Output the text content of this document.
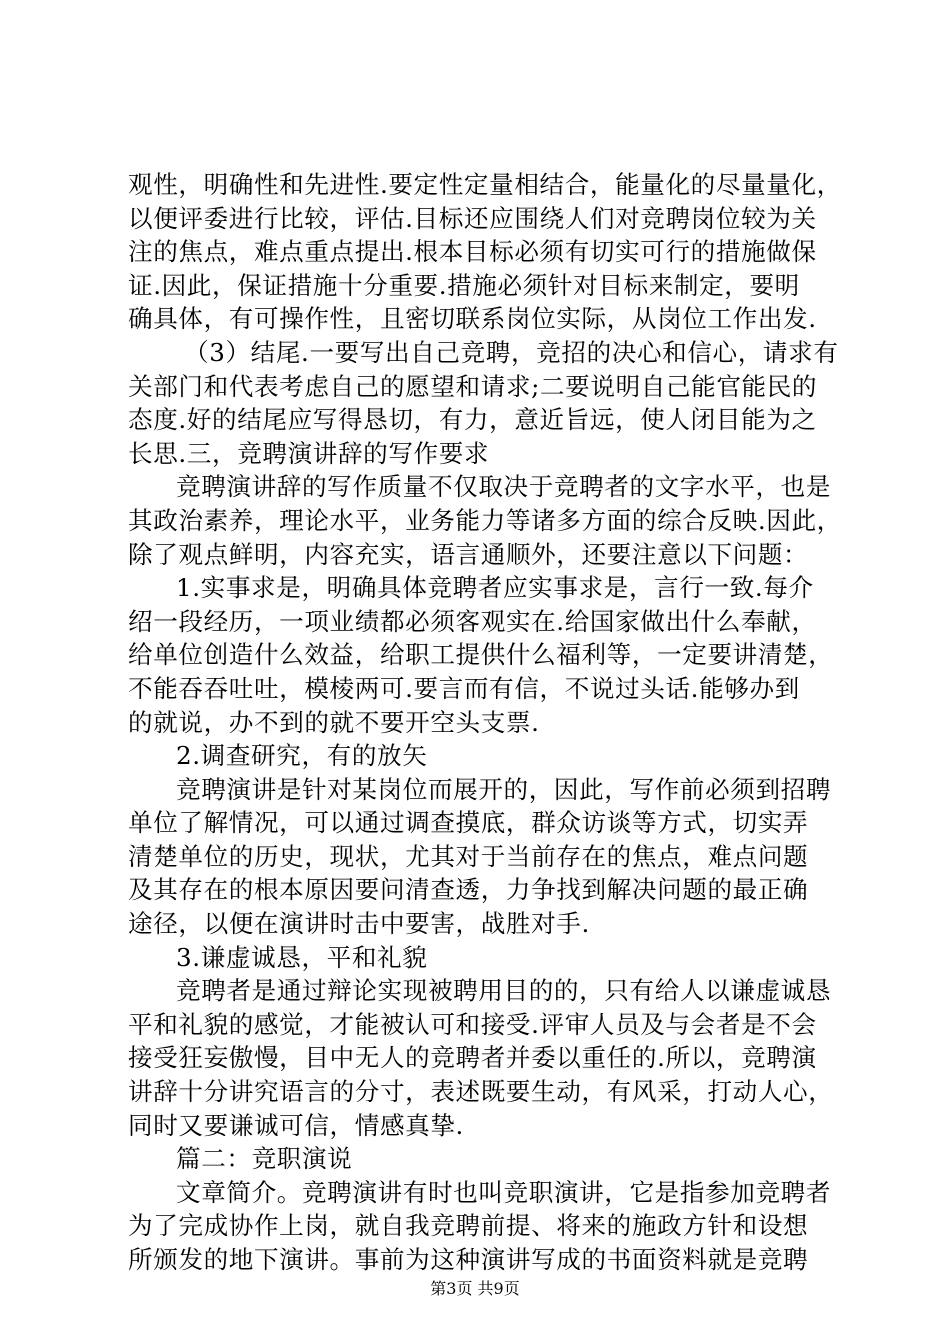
观性，明确性和先进性.要定性定量相结合，能量化的尽量量化，
以便评委进行比较，评估.目标还应围绕人们对竞聘岗位较为关
注的焦点，难点重点提出.根本目标必须有切实可行的措施做保
证.因此，保证措施十分重要.措施必须针对目标来制定，要明
确具体，有可操作性，且密切联系岗位实际，从岗位工作出发.
（3）结尾.一要写出自己竞聘，竞招的决心和信心，请求有
关部门和代表考虑自己的愿望和请求;二要说明自己能官能民的
态度.好的结尾应写得恳切，有力，意近旨远，使人闭目能为之
长思.三，竞聘演讲辞的写作要求
竞聘演讲辞的写作质量不仅取决于竞聘者的文字水平，也是
其政治素养，理论水平，业务能力等诸多方面的综合反映.因此，
除了观点鲜明，内容充实，语言通顺外，还要注意以下问题：
1.实事求是，明确具体竞聘者应实事求是，言行一致.每介
绍一段经历，一项业绩都必须客观实在.给国家做出什么奉献，
给单位创造什么效益，给职工提供什么福利等，一定要讲清楚，
不能吞吞吐吐，模棱两可.要言而有信，不说过头话.能够办到
的就说，办不到的就不要开空头支票.
2.调查研究，有的放矢
竞聘演讲是针对某岗位而展开的，因此，写作前必须到招聘
单位了解情况，可以通过调查摸底，群众访谈等方式，切实弄
清楚单位的历史，现状，尤其对于当前存在的焦点，难点问题
及其存在的根本原因要问清查透，力争找到解决问题的最正确
途径，以便在演讲时击中要害，战胜对手.
3.谦虚诚恳，平和礼貌
竞聘者是通过辩论实现被聘用目的的，只有给人以谦虚诚恳
平和礼貌的感觉，才能被认可和接受.评审人员及与会者是不会
接受狂妄傲慢，目中无人的竞聘者并委以重任的.所以，竞聘演
讲辞十分讲究语言的分寸，表述既要生动，有风采，打动人心，
同时又要谦诚可信，情感真挚.
篇二：竞职演说
文章简介。竞聘演讲有时也叫竞职演讲，它是指参加竞聘者
为了完成协作上岗，就自我竞聘前提、将来的施政方针和设想
所颁发的地下演讲。事前为这种演讲写成的书面资料就是竞聘
第3页 共9页
